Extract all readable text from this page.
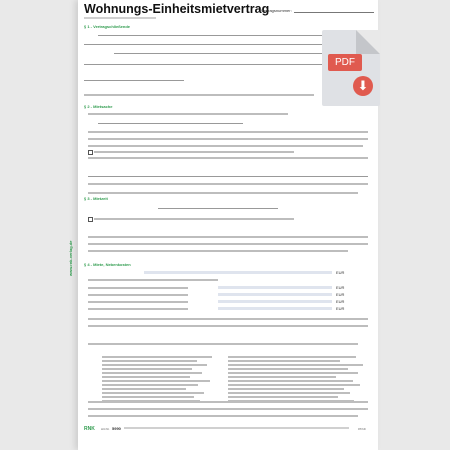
www.rnk-verlag.de
Wohnungs-Einheitsmietvertrag
Vertragsnummer:
§ 1 - Vertragschließende
§ 2 - Mietsache
§ 3 - Mietzeit
§ 4 - Miete, Nebenkosten
EUR
EUR
EUR
EUR
EUR
RNK Art.Nr. 5990	07/19
PDF
⬇
